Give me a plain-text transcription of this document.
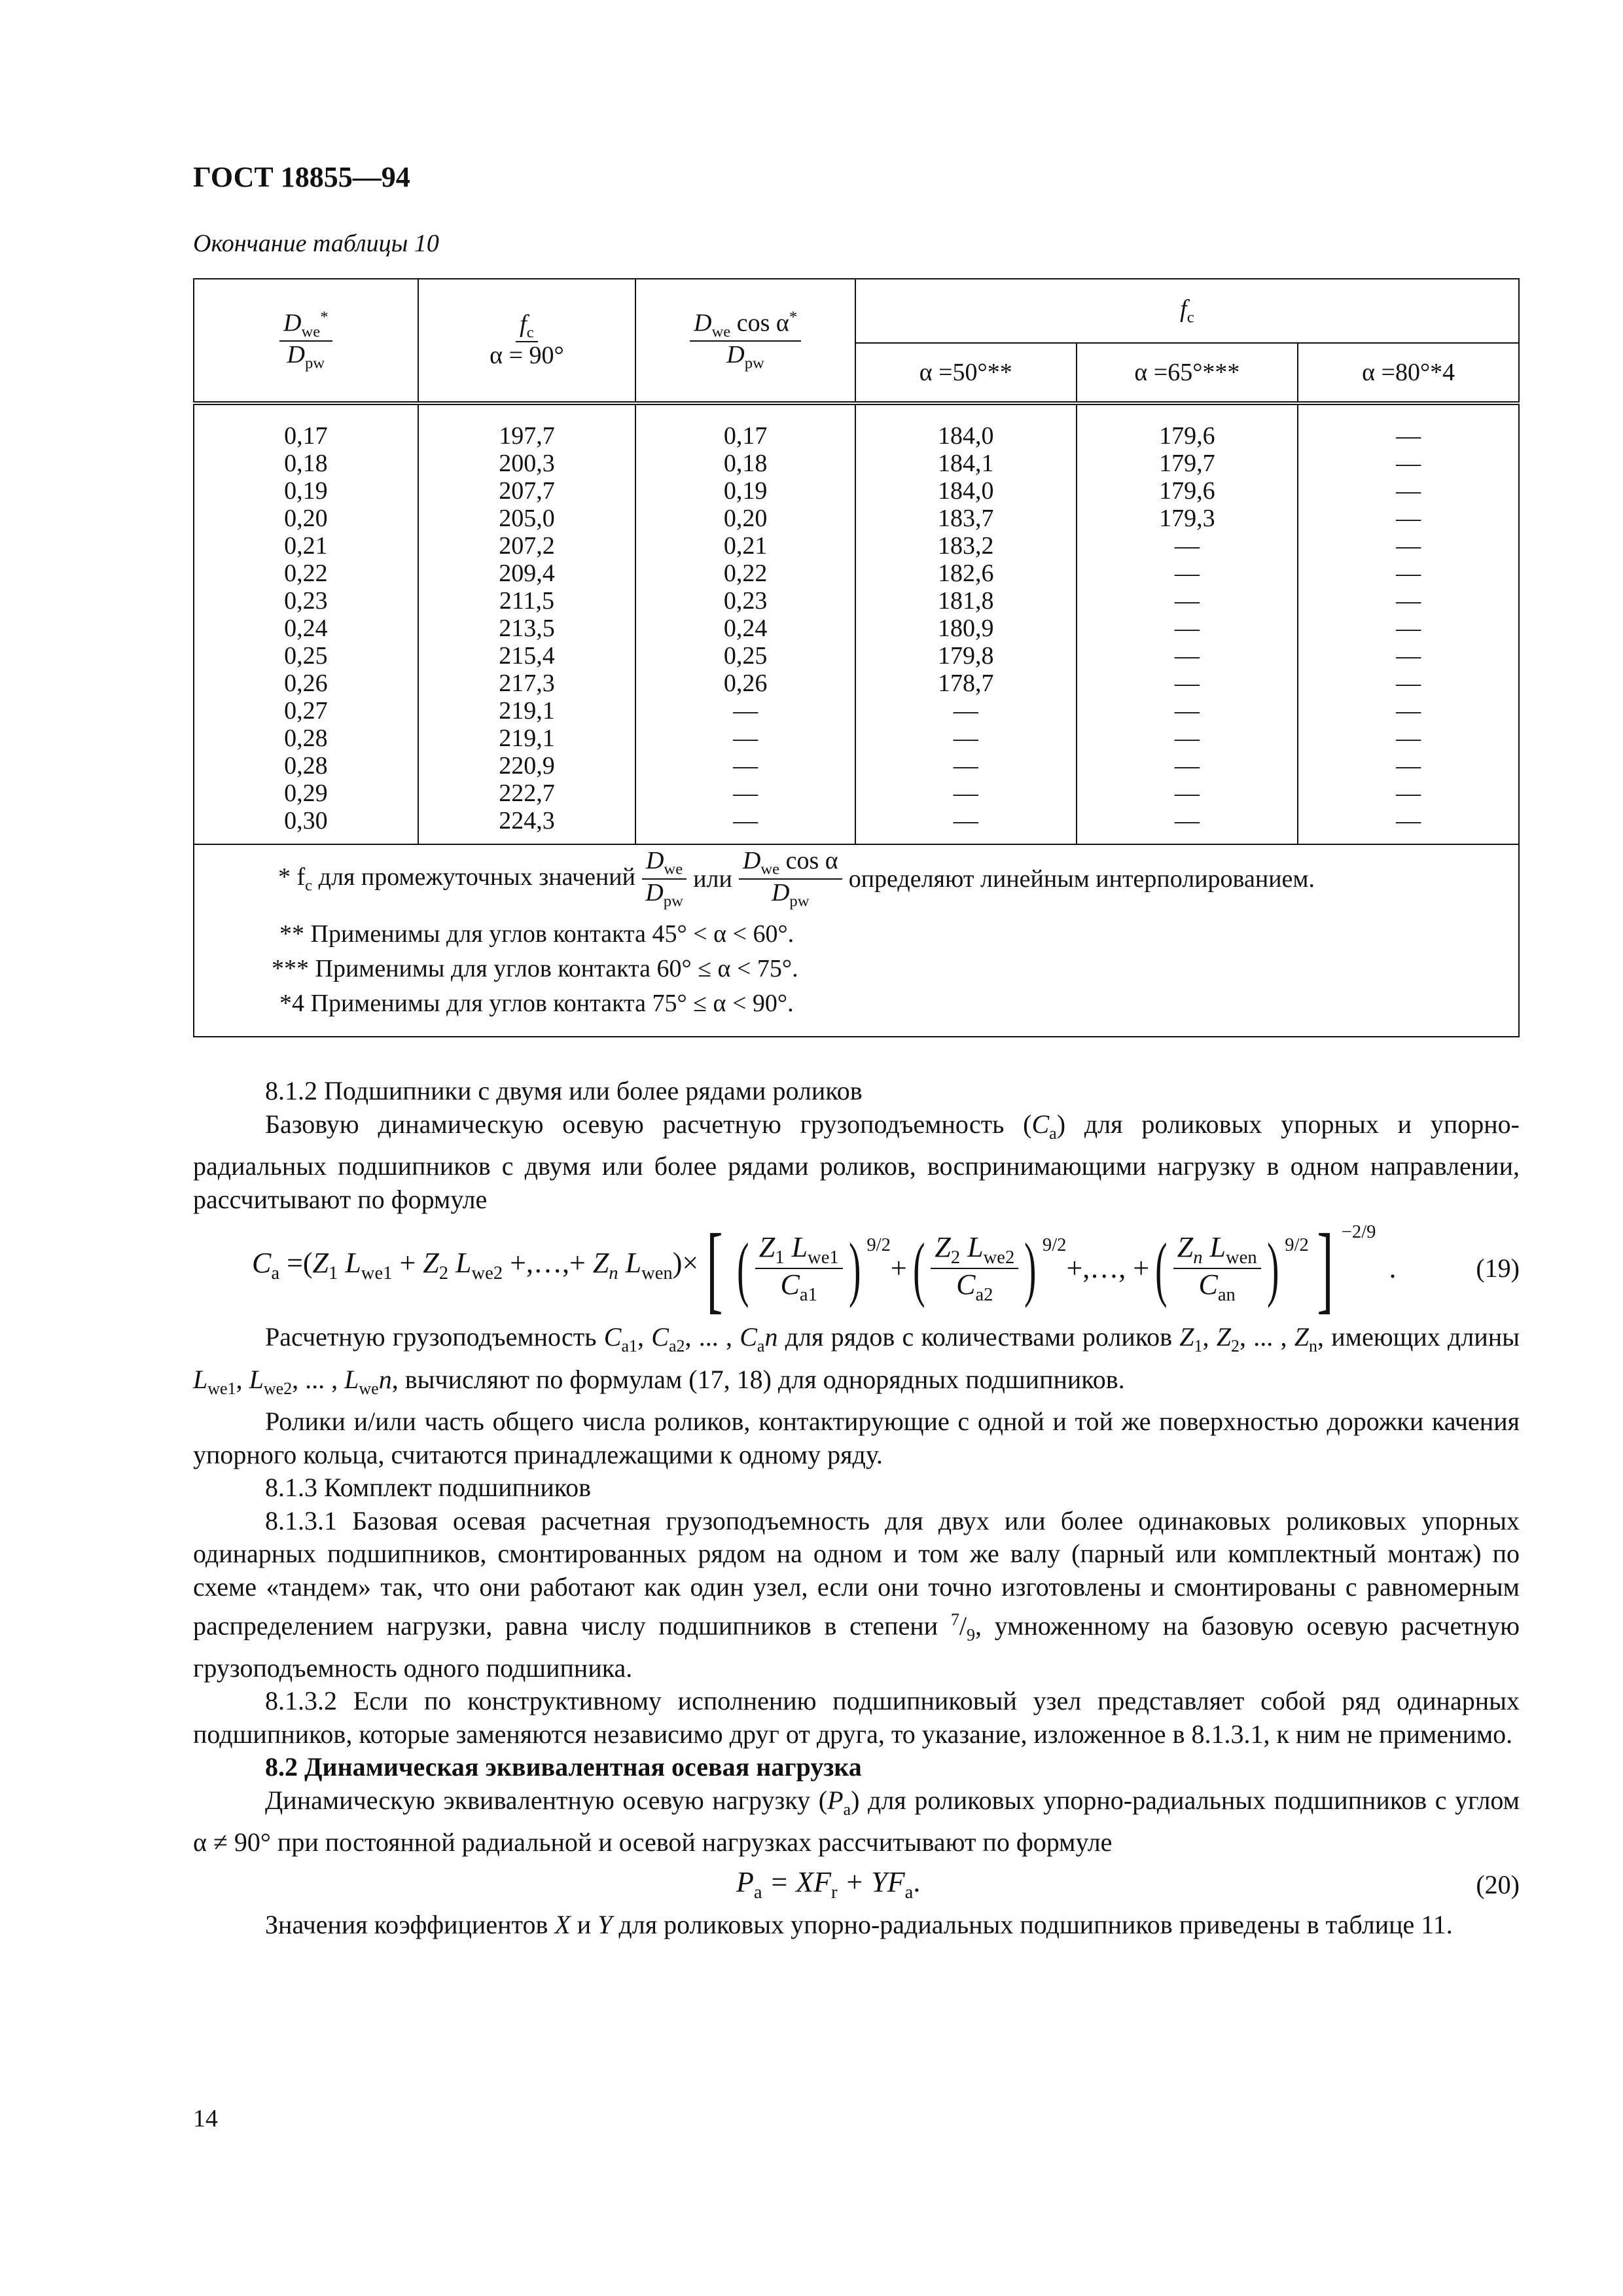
ГОСТ 18855—94
Окончание таблицы 10
$\frac{D_{we}^*}{D_{pw}}$	$\frac{f_c}{\alpha = 90^\circ}$	$\frac{D_{we} \cos \alpha^*}{D_{pw}}$	$f_c$
			α =50°**	α =65°***	α =80°*4
0,17	197,7	0,17	184,0	179,6	—
0,18	200,3	0,18	184,1	179,7	—
0,19	207,7	0,19	184,0	179,6	—
0,20	205,0	0,20	183,7	179,3	—
0,21	207,2	0,21	183,2	—	—
0,22	209,4	0,22	182,6	—	—
0,23	211,5	0,23	181,8	—	—
0,24	213,5	0,24	180,9	—	—
0,25	215,4	0,25	179,8	—	—
0,26	217,3	0,26	178,7	—	—
0,27	219,1	—	—	—	—
0,28	219,1	—	—	—	—
0,28	220,9	—	—	—	—
0,29	222,7	—	—	—	—
0,30	224,3	—	—	—	—
* $f_c$ для промежуточных значений $\frac{D_{we}}{D_{pw}}$ или $\frac{D_{we} \cos \alpha}{D_{pw}}$ определяют линейным интерполированием.
** Применимы для углов контакта 45° < α < 60°.
*** Применимы для углов контакта 60° ≤ α < 75°.
*4 Применимы для углов контакта 75° ≤ α < 90°.

8.1.2 Подшипники с двумя или более рядами роликов

Базовую динамическую осевую расчетную грузоподъемность $(C_a)$ для роликовых упорных и упорно-радиальных подшипников с двумя или более рядами роликов, воспринимающими нагрузку в одном направлении, рассчитывают по формуле

$C_a =(Z_1$ $L_{we1} + Z_2$ $L_{we2}$ +,…,+ $Z_n$ $L_{wen})\times$ [ ( $\frac{Z_1 L_{we1}}{C_{a1}}$ ) $^{9/2}$
+ ( $\frac{Z_2 L_{we2}}{C_{a2}}$ ) $^{9/2}$
+,…, + ( $\frac{Z_n L_{wen}}{C_{an}}$ ) $^{9/2}$ ] $^{-2/9}$
.	(19)

Расчетную грузоподъемность $C_{a1}$, $C_{a2}$, ... , $C_an$ для рядов с количествами роликов $Z_1$, $Z_2$, ... , $Z_n$, имеющих длины $L_{we1}$, $L_{we2}$, ... , $L_{we}n$, вычисляют по формулам (17, 18) для однорядных подшипников.

Ролики и/или часть общего числа роликов, контактирующие с одной и той же поверхностью дорожки качения упорного кольца, считаются принадлежащими к одному ряду.

8.1.3 Комплект подшипников

8.1.3.1 Базовая осевая расчетная грузоподъемность для двух или более одинаковых роликовых упорных одинарных подшипников, смонтированных рядом на одном и том же валу (парный или комплектный монтаж) по схеме «тандем» так, что они работают как один узел, если они точно изготовлены и смонтированы с равномерным распределением нагрузки, равна числу подшипников в степени $^7/_9$, умноженному на базовую осевую расчетную грузоподъемность одного подшипника.

8.1.3.2 Если по конструктивному исполнению подшипниковый узел представляет собой ряд одинарных подшипников, которые заменяются независимо друг от друга, то указание, изложенное в 8.1.3.1, к ним не применимо.

8.2 Динамическая эквивалентная осевая нагрузка

Динамическую эквивалентную осевую нагрузку $(P_a)$ для роликовых упорно-радиальных подшипников с углом α ≠ 90° при постоянной радиальной и осевой нагрузках рассчитывают по формуле

$P_a = XF_r + YF_a$.	(20)

Значения коэффициентов X и Y для роликовых упорно-радиальных подшипников приведены в таблице 11.

14
